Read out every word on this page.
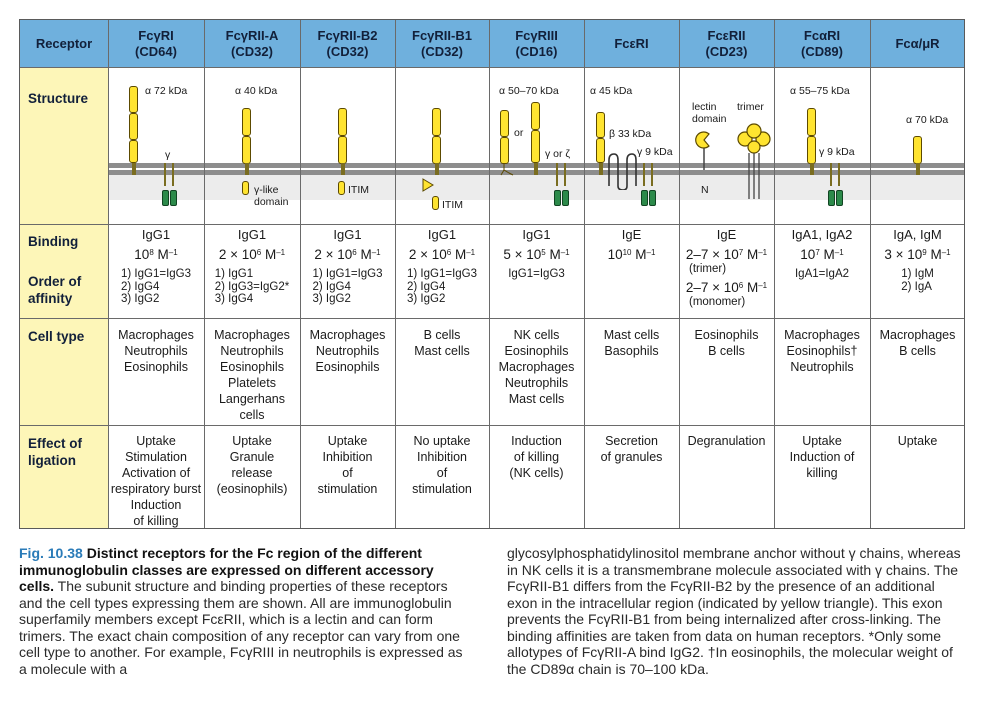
Receptor
FcγRI
(CD64)
FcγRII-A
(CD32)
FcγRII-B2
(CD32)
FcγRII-B1
(CD32)
FcγRIII
(CD16)
FcεRI
FcεRII
(CD23)
FcαRI
(CD89)
Fcα/μR
Structure
Binding
Order of
affinity
Cell type
Effect of
ligation
α 72 kDa
γ
α 40 kDa
γ-like
domain
ITIM
ITIM
or
α 50–70 kDa
γ or ζ
α 45 kDa
β 33 kDa
γ 9 kDa
lectin
domain
trimer
N
α 55–75 kDa
γ 9 kDa
α 70 kDa
IgG1
$10^8$ $M^{-1}$
1) IgG1=IgG3
2) IgG4
3) IgG2
IgG1
$2 \times 10^6$ $M^{-1}$
1) IgG1
2) IgG3=IgG2*
3) IgG4
IgG1
$2 \times 10^6$ $M^{-1}$
1) IgG1=IgG3
2) IgG4
3) IgG2
IgG1
$2 \times 10^6$ $M^{-1}$
1) IgG1=IgG3
2) IgG4
3) IgG2
IgG1
$5 \times 10^5$ $M^{-1}$
IgG1=IgG3
IgE
$10^{10}$ $M^{-1}$
IgE
$2-7 \times 10^7$ $M^{-1}$
(trimer)
$2-7 \times 10^6$ $M^{-1}$
(monomer)
IgA1, IgA2
$10^7$ $M^{-1}$
IgA1=IgA2
IgA, IgM
$3 \times 10^9$ $M^{-1}$
1) IgM
2) IgA
Macrophages
Neutrophils
Eosinophils
Macrophages
Neutrophils
Eosinophils
Platelets
Langerhans
cells
Macrophages
Neutrophils
Eosinophils
B cells
Mast cells
NK cells
Eosinophils
Macrophages
Neutrophils
Mast cells
Mast cells
Basophils
Eosinophils
B cells
Macrophages
Eosinophils†
Neutrophils
Macrophages
B cells
Uptake
Stimulation
Activation of
respiratory burst
Induction
of killing
Uptake
Granule
release
(eosinophils)
Uptake
Inhibition
of
stimulation
No uptake
Inhibition
of
stimulation
Induction
of killing
(NK cells)
Secretion
of granules
Degranulation	Uptake
Induction of
killing
Uptake
Fig. 10.38 Distinct receptors for the Fc region of the different immunoglobulin classes are expressed on different accessory cells. The subunit structure and binding properties of these receptors and the cell types expressing them are shown. All are immunoglobulin superfamily members except FcεRII, which is a lectin and can form trimers. The exact chain composition of any receptor can vary from one cell type to another. For example, FcγRIII in neutrophils is expressed as a molecule with a
glycosylphosphatidylinositol membrane anchor without γ chains, whereas in NK cells it is a transmembrane molecule associated with γ chains. The FcγRII-B1 differs from the FcγRII-B2 by the presence of an additional exon in the intracellular region (indicated by yellow triangle). This exon prevents the FcγRII-B1 from being internalized after cross-linking. The binding affinities are taken from data on human receptors. *Only some allotypes of FcγRII-A bind IgG2. †In eosinophils, the molecular weight of the CD89α chain is 70–100 kDa.
